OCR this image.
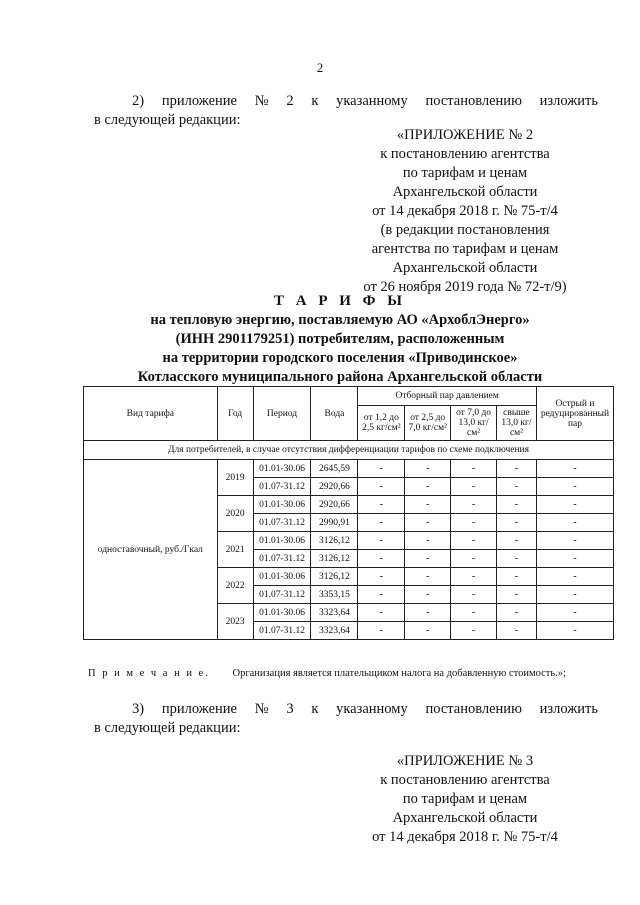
2
2) приложение № 2 к указанному постановлению изложить
в следующей редакции:
«ПРИЛОЖЕНИЕ № 2
к постановлению агентства
по тарифам и ценам
Архангельской области
от 14 декабря 2018 г. № 75-т/4
(в редакции постановления
агентства по тарифам и ценам
Архангельской области
от 26 ноября 2019 года № 72-т/9)
Т А Р И Ф Ы
на тепловую энергию, поставляемую АО «АрхоблЭнерго»
(ИНН 2901179251) потребителям, расположенным
на территории городского поселения «Приводинское»
Котласского муниципального района Архангельской области
Вид тарифа	Год	Период	Вода	Отборный пар давлением				Острый и редуцированный пар
				от 1,2 до 2,5 кг/см²	от 2,5 до 7,0 кг/см²	от 7,0 до 13,0 кг/см²	свыше 13,0 кг/см²	
Для потребителей, в случае отсутствия дифференциации тарифов по схеме подключения								
одноставочный, руб./Гкал	2019	01.01-30.06	2645,59	-	-	-	-	-
		01.07-31.12	2920,66	-	-	-	-	-
	2020	01.01-30.06	2920,66	-	-	-	-	-
		01.07-31.12	2990,91	-	-	-	-	-
	2021	01.01-30.06	3126,12	-	-	-	-	-
		01.07-31.12	3126,12	-	-	-	-	-
	2022	01.01-30.06	3126,12	-	-	-	-	-
		01.07-31.12	3353,15	-	-	-	-	-
	2023	01.01-30.06	3323,64	-	-	-	-	-
		01.07-31.12	3323,64	-	-	-	-	-
П р и м е ч а н и е. Организация является плательщиком налога на добавленную стоимость.»;
3) приложение № 3 к указанному постановлению изложить
в следующей редакции:
«ПРИЛОЖЕНИЕ № 3
к постановлению агентства
по тарифам и ценам
Архангельской области
от 14 декабря 2018 г. № 75-т/4
